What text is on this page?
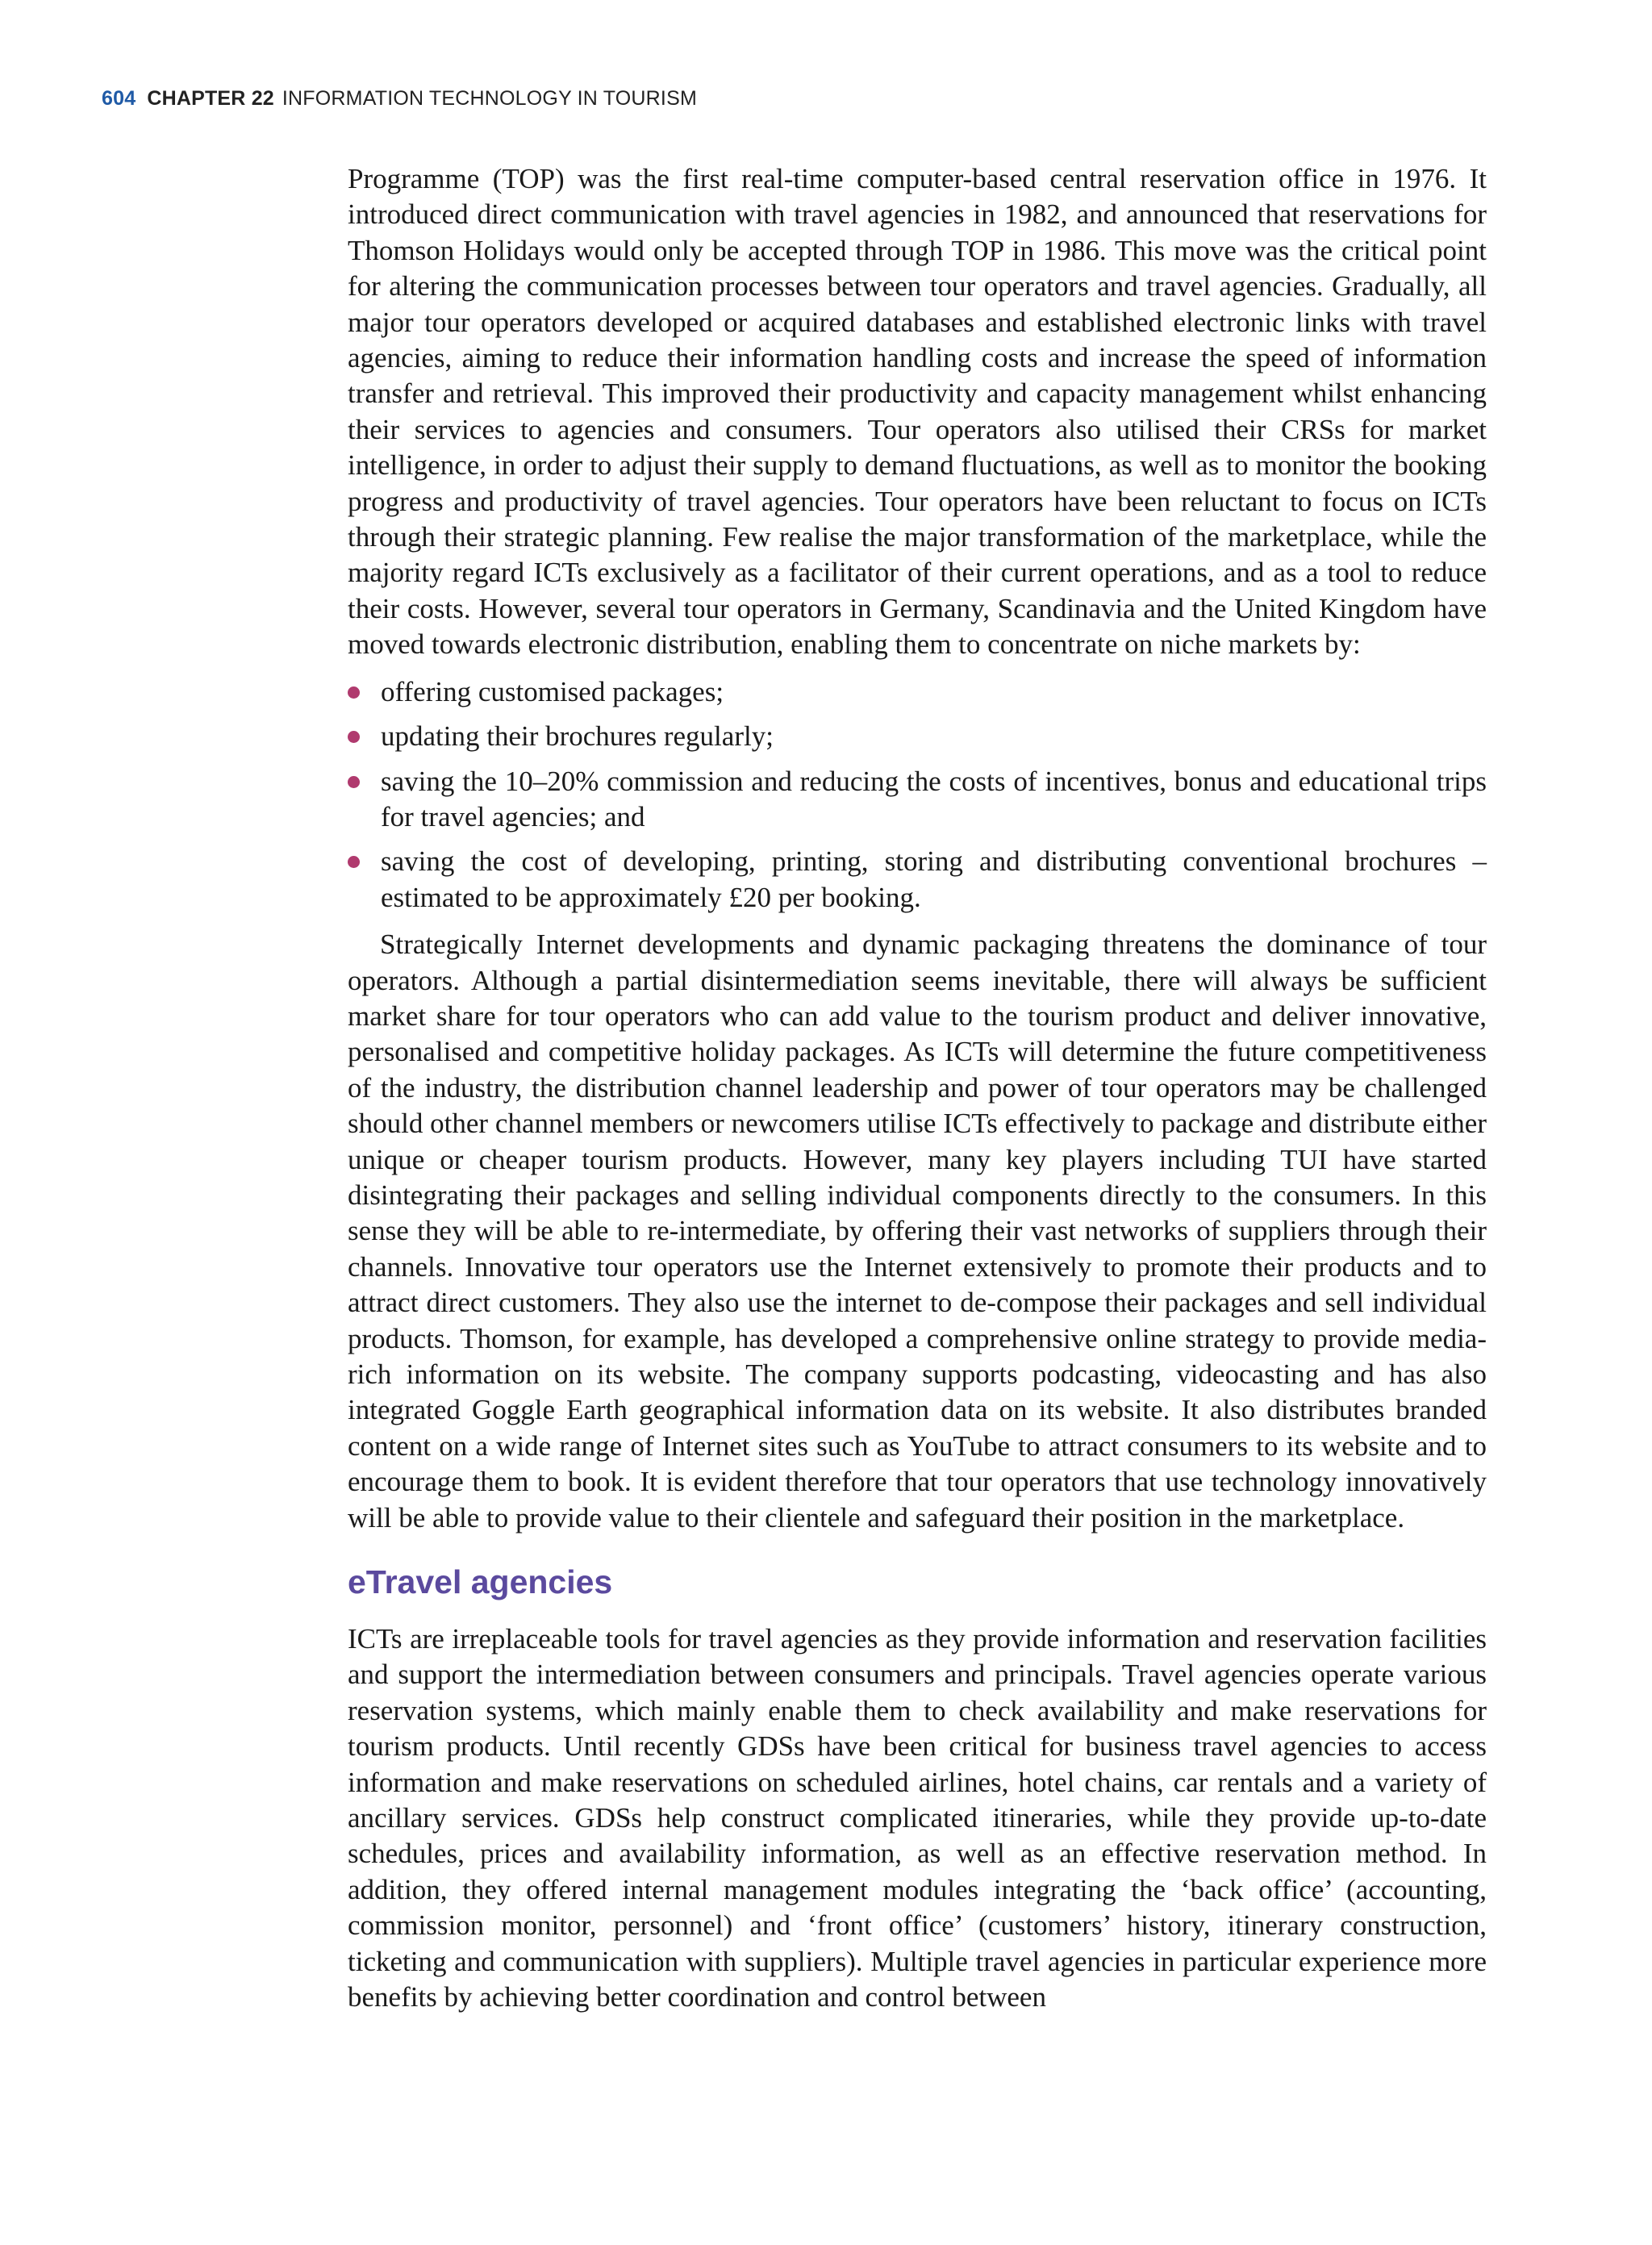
604 CHAPTER 22 INFORMATION TECHNOLOGY IN TOURISM

Programme (TOP) was the first real-time computer-based central reservation office in 1976. It introduced direct communication with travel agencies in 1982, and announced that reservations for Thomson Holidays would only be accepted through TOP in 1986. This move was the critical point for altering the communication processes between tour operators and travel agencies. Gradually, all major tour operators developed or acquired databases and established electronic links with travel agencies, aiming to reduce their information handling costs and increase the speed of information transfer and retrieval. This improved their productivity and capacity management whilst enhancing their services to agencies and consumers. Tour operators also utilised their CRSs for market intelligence, in order to adjust their supply to demand fluctuations, as well as to monitor the booking progress and productivity of travel agencies. Tour operators have been reluctant to focus on ICTs through their strategic planning. Few realise the major transformation of the marketplace, while the majority regard ICTs exclusively as a facilitator of their current operations, and as a tool to reduce their costs. However, several tour operators in Germany, Scandinavia and the United Kingdom have moved towards electronic distribution, enabling them to concentrate on niche markets by:

offering customised packages;
updating their brochures regularly;
saving the 10–20% commission and reducing the costs of incentives, bonus and educational trips for travel agencies; and
saving the cost of developing, printing, storing and distributing conventional brochures – estimated to be approximately £20 per booking.

Strategically Internet developments and dynamic packaging threatens the dominance of tour operators. Although a partial disintermediation seems inevitable, there will always be sufficient market share for tour operators who can add value to the tourism product and deliver innovative, personalised and competitive holiday packages. As ICTs will determine the future competitiveness of the industry, the distribution channel leadership and power of tour operators may be challenged should other channel members or newcomers utilise ICTs effectively to package and distribute either unique or cheaper tourism products. However, many key players including TUI have started disintegrating their packages and selling individual components directly to the consumers. In this sense they will be able to re-intermediate, by offering their vast networks of suppliers through their channels. Innovative tour operators use the Internet extensively to promote their products and to attract direct customers. They also use the internet to de-compose their packages and sell individual products. Thomson, for example, has developed a comprehensive online strategy to provide media-rich information on its website. The company supports podcasting, videocasting and has also integrated Goggle Earth geographical information data on its website. It also distributes branded content on a wide range of Internet sites such as YouTube to attract consumers to its website and to encourage them to book. It is evident therefore that tour operators that use technology innovatively will be able to provide value to their clientele and safeguard their position in the marketplace.

eTravel agencies

ICTs are irreplaceable tools for travel agencies as they provide information and reservation facilities and support the intermediation between consumers and principals. Travel agencies operate various reservation systems, which mainly enable them to check availability and make reservations for tourism products. Until recently GDSs have been critical for business travel agencies to access information and make reservations on scheduled airlines, hotel chains, car rentals and a variety of ancillary services. GDSs help construct complicated itineraries, while they provide up-to-date schedules, prices and availability information, as well as an effective reservation method. In addition, they offered internal management modules integrating the ‘back office’ (accounting, commission monitor, personnel) and ‘front office’ (customers’ history, itinerary construction, ticketing and communication with suppliers). Multiple travel agencies in particular experience more benefits by achieving better coordination and control between
